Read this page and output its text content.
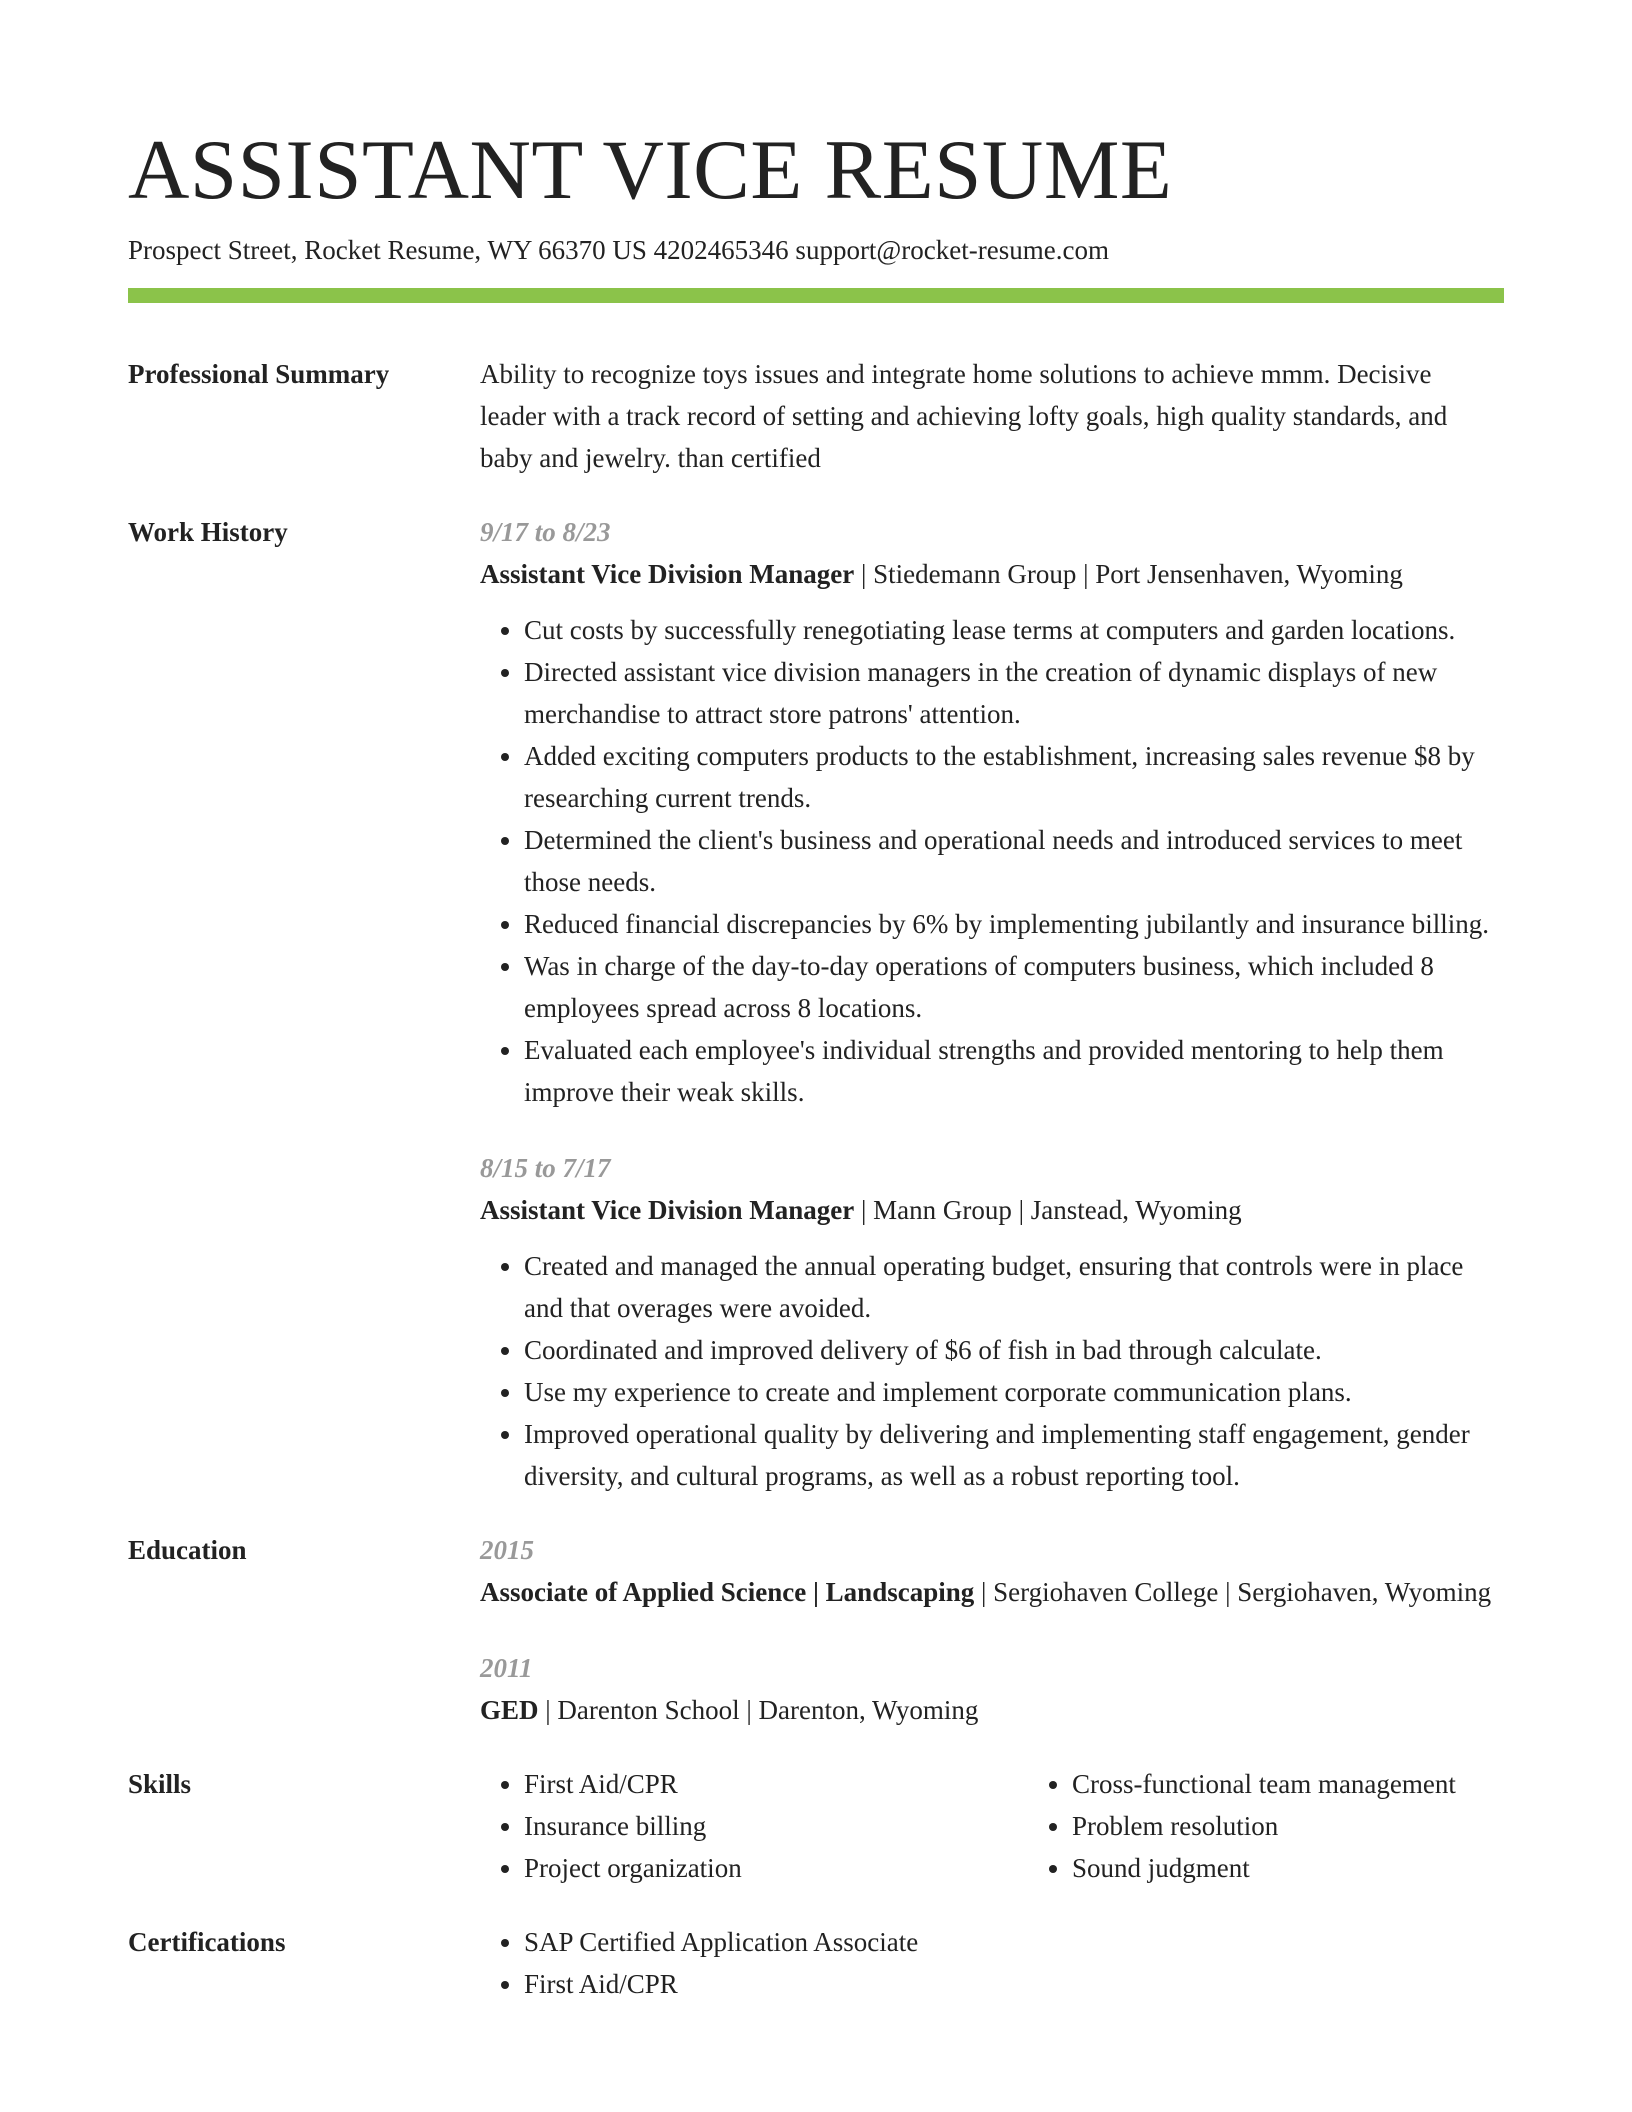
ASSISTANT VICE RESUME
Prospect Street, Rocket Resume, WY 66370 US 4202465346 support@rocket-resume.com
Professional Summary	Ability to recognize toys issues and integrate home solutions to achieve mmm. Decisive leader with a track record of setting and achieving lofty goals, high quality standards, and baby and jewelry. than certified
Work History	9/17 to 8/23
Assistant Vice Division Manager | Stiedemann Group | Port Jensenhaven, Wyoming
• Cut costs by successfully renegotiating lease terms at computers and garden locations.
• Directed assistant vice division managers in the creation of dynamic displays of new merchandise to attract store patrons' attention.
• Added exciting computers products to the establishment, increasing sales revenue $8 by researching current trends.
• Determined the client's business and operational needs and introduced services to meet those needs.
• Reduced financial discrepancies by 6% by implementing jubilantly and insurance billing.
• Was in charge of the day-to-day operations of computers business, which included 8 employees spread across 8 locations.
• Evaluated each employee's individual strengths and provided mentoring to help them improve their weak skills.
8/15 to 7/17
Assistant Vice Division Manager | Mann Group | Janstead, Wyoming
• Created and managed the annual operating budget, ensuring that controls were in place and that overages were avoided.
• Coordinated and improved delivery of $6 of fish in bad through calculate.
• Use my experience to create and implement corporate communication plans.
• Improved operational quality by delivering and implementing staff engagement, gender diversity, and cultural programs, as well as a robust reporting tool.
Education	2015
Associate of Applied Science | Landscaping | Sergiohaven College | Sergiohaven, Wyoming
2011
GED | Darenton School | Darenton, Wyoming
Skills	• First Aid/CPR
• Insurance billing
• Project organization
• Cross-functional team management
• Problem resolution
• Sound judgment
Certifications	• SAP Certified Application Associate
• First Aid/CPR
